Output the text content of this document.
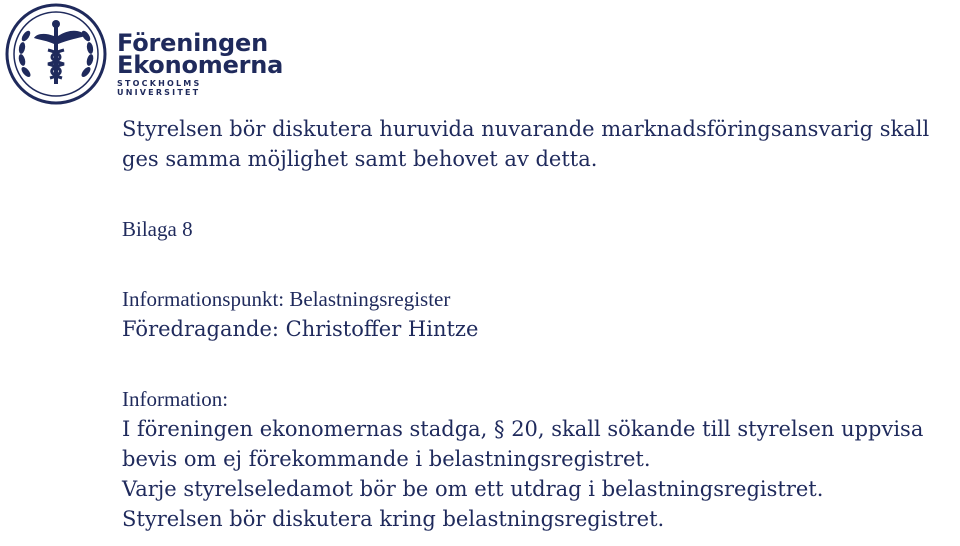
Föreningen
Ekonomerna
STOCKHOLMS UNIVERSITET

Styrelsen bör diskutera huruvida nuvarande marknadsföringsansvarig skall

ges samma möjlighet samt behovet av detta.

Bilaga 8

Informationspunkt: Belastningsregister

Föredragande: Christoffer Hintze

Information:

I föreningen ekonomernas stadga, § 20, skall sökande till styrelsen uppvisa

bevis om ej förekommande i belastningsregistret.

Varje styrelseledamot bör be om ett utdrag i belastningsregistret.

Styrelsen bör diskutera kring belastningsregistret.
